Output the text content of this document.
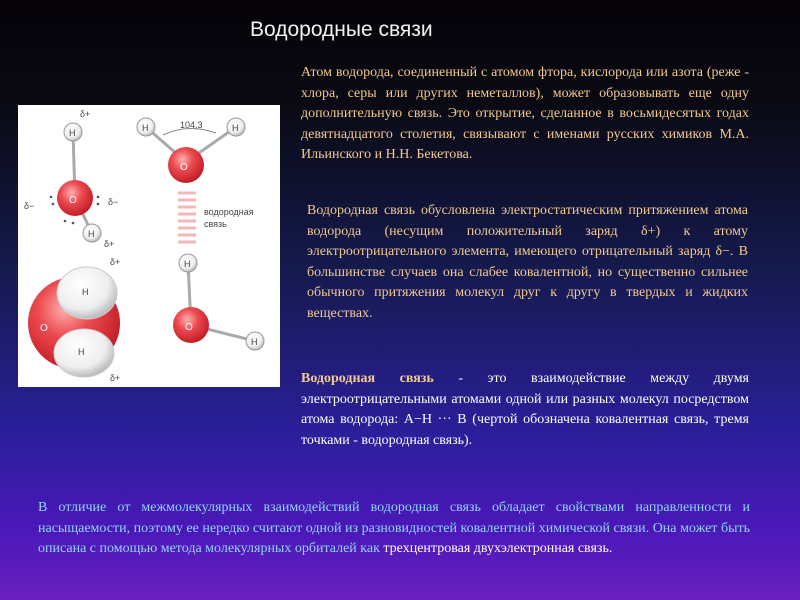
Водородные связи
H
H
O
δ+
δ+
δ−	δ−
104,3
H	H
O
водородная
связь
H
H
O
H
H
O
δ+
δ+
Атом водорода, соединенный с атомом фтора, кислорода или азота (реже - хлора, серы или других неметаллов), может образовывать еще одну дополнительную связь. Это открытие, сделанное в восьмидесятых годах девятнадцатого столетия, связывают с именами русских химиков М.А. Ильинского и Н.Н. Бекетова.
Водородная связь обусловлена электростатическим притяжением атома водорода (несущим положительный заряд δ+) к атому электроотрицательного элемента, имеющего отрицательный заряд δ−. В большинстве случаев она слабее ковалентной, но существенно сильнее обычного притяжения молекул друг к другу в твердых и жидких веществах.
Водородная связь - это взаимодействие между двумя электроотрицательными атомами одной или разных молекул посредством атома водорода: A−H ··· B (чертой обозначена ковалентная связь, тремя точками - водородная связь).
В отличие от межмолекулярных взаимодействий водородная связь обладает свойствами направленности и насыщаемости, поэтому ее нередко считают одной из разновидностей ковалентной химической связи. Она может быть описана с помощью метода молекулярных орбиталей как трехцентровая двухэлектронная связь.
